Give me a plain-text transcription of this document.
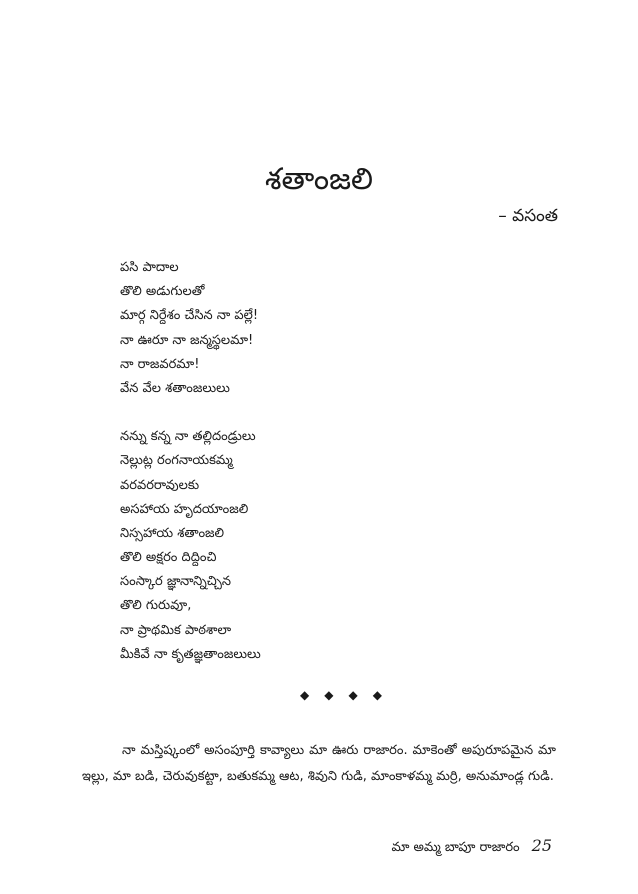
శతాంజలి
– వసంత
పసి పాదాల
తొలి అడుగులతో
మార్గ నిర్దేశం చేసిన నా పల్లే!
నా ఊరూ నా జన్మస్థలమా!
నా రాజవరమా!
వేన వేల శతాంజలులు
నన్ను కన్న నా తల్లిదండ్రులు
నెల్లుట్ల రంగనాయకమ్మ
వరవరరావులకు
అసహాయ హృదయాంజలి
నిస్సహాయ శతాంజలి
తొలి అక్షరం దిద్దించి
సంస్కార జ్ఞానాన్నిచ్చిన
తొలి గురువూ,
నా ప్రాథమిక పాఠశాలా
మీకివే నా కృతజ్ఞతాంజలులు
◆ ◆ ◆ ◆

నా మస్తిష్కంలో అసంపూర్తి కావ్యాలు మా ఊరు రాజారం. మాకెంతో అపురూపమైన మా ఇల్లు, మా బడి, చెరువుకట్టా, బతుకమ్మ ఆట, శివుని గుడి, మాంకాళమ్మ మర్రి, అనుమాండ్ల గుడి.

మా అమ్మ బాపూ రాజారం 25
